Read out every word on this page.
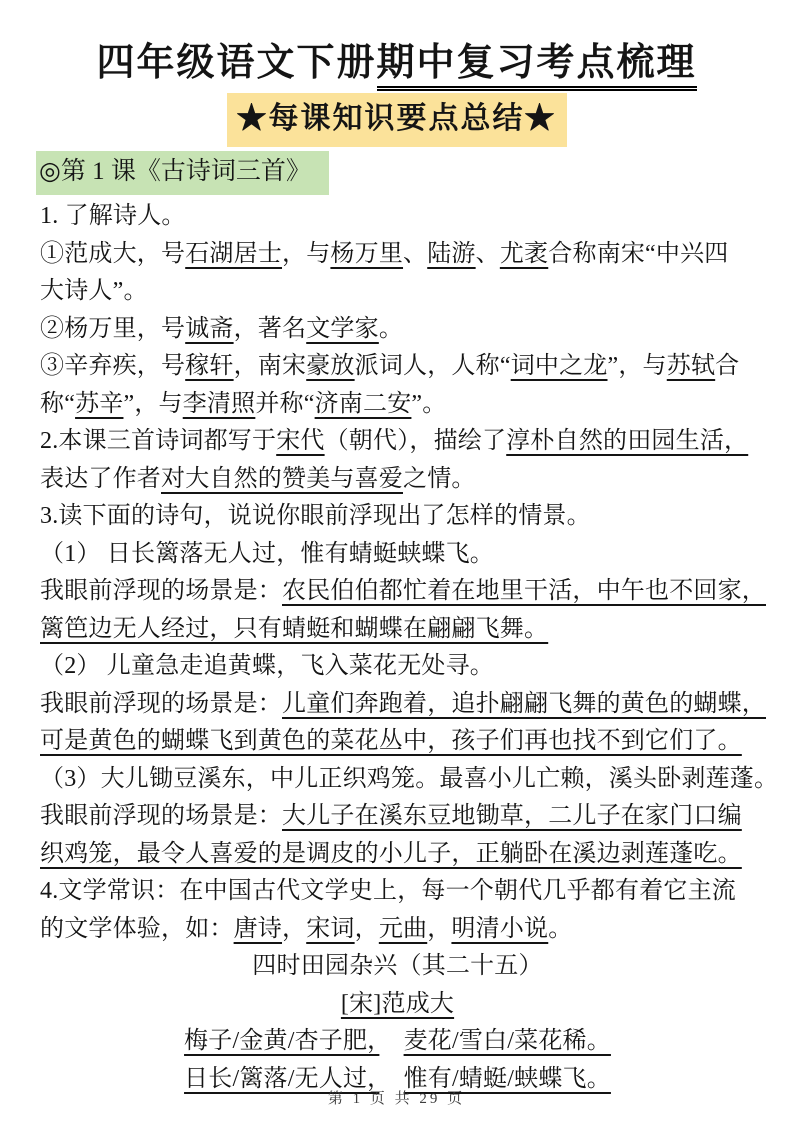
四年级语文下册期中复习考点梳理
★每课知识要点总结★
◎第 1 课《古诗词三首》
1. 了解诗人。
①范成大，号石湖居士，与杨万里、陆游、尤袤合称南宋“中兴四
大诗人”。
②杨万里，号诚斋，著名文学家。
③辛弃疾，号稼轩，南宋豪放派词人，人称“词中之龙”，与苏轼合
称“苏辛”，与李清照并称“济南二安”。
2.本课三首诗词都写于宋代（朝代），描绘了淳朴自然的田园生活，
表达了作者对大自然的赞美与喜爱之情。
3.读下面的诗句，说说你眼前浮现出了怎样的情景。
（1） 日长篱落无人过，惟有蜻蜓蛱蝶飞。
我眼前浮现的场景是：农民伯伯都忙着在地里干活，中午也不回家，
篱笆边无人经过，只有蜻蜓和蝴蝶在翩翩飞舞。
（2） 儿童急走追黄蝶，飞入菜花无处寻。
我眼前浮现的场景是：儿童们奔跑着，追扑翩翩飞舞的黄色的蝴蝶，
可是黄色的蝴蝶飞到黄色的菜花丛中，孩子们再也找不到它们了。
（3）大儿锄豆溪东，中儿正织鸡笼。最喜小儿亡赖，溪头卧剥莲蓬。
我眼前浮现的场景是：大儿子在溪东豆地锄草，二儿子在家门口编
织鸡笼，最令人喜爱的是调皮的小儿子，正躺卧在溪边剥莲蓬吃。
4.文学常识：在中国古代文学史上，每一个朝代几乎都有着它主流
的文学体验，如：唐诗，宋词，元曲，明清小说。
四时田园杂兴（其二十五）
[宋]范成大
梅子/金黄/杏子肥，　 麦花/雪白/菜花稀。
日长/篱落/无人过，　 惟有/蜻蜓/蛱蝶飞。
第 1 页 共 29 页
